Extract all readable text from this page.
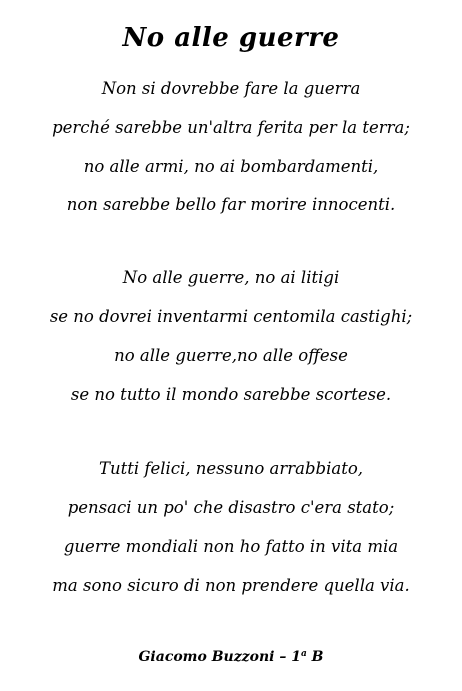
No alle guerre
Non si dovrebbe fare la guerra
perché sarebbe un'altra ferita per la terra;
no alle armi, no ai bombardamenti,
non sarebbe bello far morire innocenti.
No alle guerre, no ai litigi
se no dovrei inventarmi centomila castighi;
no alle guerre,no alle offese
se no tutto il mondo sarebbe scortese.
Tutti felici, nessuno arrabbiato,
pensaci un po' che disastro c'era stato;
guerre mondiali non ho fatto in vita mia
ma sono sicuro di non prendere quella via.
Giacomo Buzzoni – 1$^a$ B
